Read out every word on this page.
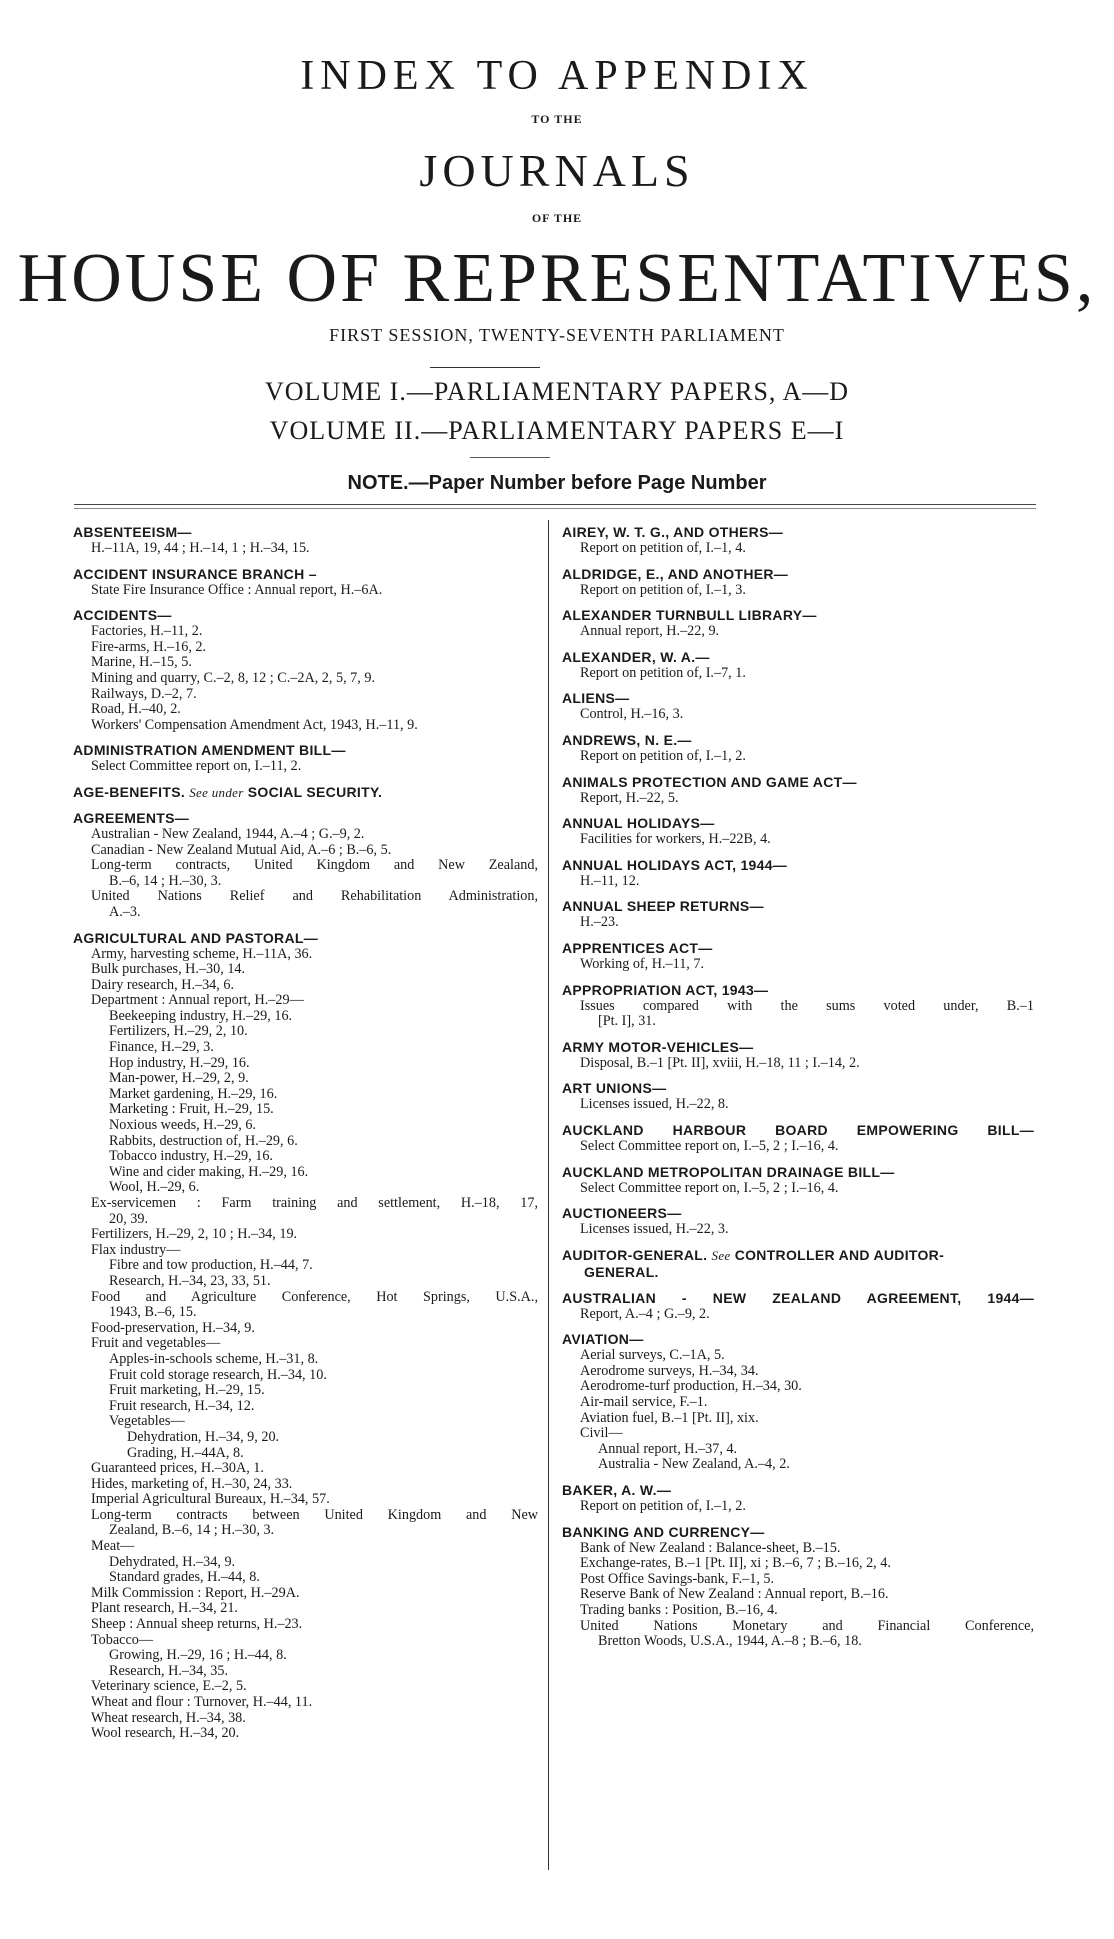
INDEX TO APPENDIX
TO THE
JOURNALS
OF THE
HOUSE OF REPRESENTATIVES,
FIRST SESSION, TWENTY-SEVENTH PARLIAMENT
VOLUME I.—PARLIAMENTARY PAPERS, A—D
VOLUME II.—PARLIAMENTARY PAPERS E—I
NOTE.—Paper Number before Page Number
ABSENTEEISM—
H.–11A, 19, 44 ; H.–14, 1 ; H.–34, 15.
ACCIDENT INSURANCE BRANCH –
State Fire Insurance Office : Annual report, H.–6A.
ACCIDENTS—
Factories, H.–11, 2.
Fire-arms, H.–16, 2.
Marine, H.–15, 5.
Mining and quarry, C.–2, 8, 12 ; C.–2A, 2, 5, 7, 9.
Railways, D.–2, 7.
Road, H.–40, 2.
Workers' Compensation Amendment Act, 1943, H.–11, 9.
ADMINISTRATION AMENDMENT BILL—
Select Committee report on, I.–11, 2.
AGE-BENEFITS. See under SOCIAL SECURITY.
AGREEMENTS—
Australian - New Zealand, 1944, A.–4 ; G.–9, 2.
Canadian - New Zealand Mutual Aid, A.–6 ; B.–6, 5.
Long-term contracts, United Kingdom and New Zealand,
B.–6, 14 ; H.–30, 3.
United Nations Relief and Rehabilitation Administration,
A.–3.
AGRICULTURAL AND PASTORAL—
Army, harvesting scheme, H.–11A, 36.
Bulk purchases, H.–30, 14.
Dairy research, H.–34, 6.
Department : Annual report, H.–29—
Beekeeping industry, H.–29, 16.
Fertilizers, H.–29, 2, 10.
Finance, H.–29, 3.
Hop industry, H.–29, 16.
Man-power, H.–29, 2, 9.
Market gardening, H.–29, 16.
Marketing : Fruit, H.–29, 15.
Noxious weeds, H.–29, 6.
Rabbits, destruction of, H.–29, 6.
Tobacco industry, H.–29, 16.
Wine and cider making, H.–29, 16.
Wool, H.–29, 6.
Ex-servicemen : Farm training and settlement, H.–18, 17,
20, 39.
Fertilizers, H.–29, 2, 10 ; H.–34, 19.
Flax industry—
Fibre and tow production, H.–44, 7.
Research, H.–34, 23, 33, 51.
Food and Agriculture Conference, Hot Springs, U.S.A.,
1943, B.–6, 15.
Food-preservation, H.–34, 9.
Fruit and vegetables—
Apples-in-schools scheme, H.–31, 8.
Fruit cold storage research, H.–34, 10.
Fruit marketing, H.–29, 15.
Fruit research, H.–34, 12.
Vegetables—
Dehydration, H.–34, 9, 20.
Grading, H.–44A, 8.
Guaranteed prices, H.–30A, 1.
Hides, marketing of, H.–30, 24, 33.
Imperial Agricultural Bureaux, H.–34, 57.
Long-term contracts between United Kingdom and New
Zealand, B.–6, 14 ; H.–30, 3.
Meat—
Dehydrated, H.–34, 9.
Standard grades, H.–44, 8.
Milk Commission : Report, H.–29A.
Plant research, H.–34, 21.
Sheep : Annual sheep returns, H.–23.
Tobacco—
Growing, H.–29, 16 ; H.–44, 8.
Research, H.–34, 35.
Veterinary science, E.–2, 5.
Wheat and flour : Turnover, H.–44, 11.
Wheat research, H.–34, 38.
Wool research, H.–34, 20.
AIREY, W. T. G., AND OTHERS—
Report on petition of, I.–1, 4.
ALDRIDGE, E., AND ANOTHER—
Report on petition of, I.–1, 3.
ALEXANDER TURNBULL LIBRARY—
Annual report, H.–22, 9.
ALEXANDER, W. A.—
Report on petition of, I.–7, 1.
ALIENS—
Control, H.–16, 3.
ANDREWS, N. E.—
Report on petition of, I.–1, 2.
ANIMALS PROTECTION AND GAME ACT—
Report, H.–22, 5.
ANNUAL HOLIDAYS—
Facilities for workers, H.–22B, 4.
ANNUAL HOLIDAYS ACT, 1944—
H.–11, 12.
ANNUAL SHEEP RETURNS—
H.–23.
APPRENTICES ACT—
Working of, H.–11, 7.
APPROPRIATION ACT, 1943—
Issues compared with the sums voted under, B.–1
[Pt. I], 31.
ARMY MOTOR-VEHICLES—
Disposal, B.–1 [Pt. II], xviii, H.–18, 11 ; I.–14, 2.
ART UNIONS—
Licenses issued, H.–22, 8.
AUCKLAND HARBOUR BOARD EMPOWERING BILL—
Select Committee report on, I.–5, 2 ; I.–16, 4.
AUCKLAND METROPOLITAN DRAINAGE BILL—
Select Committee report on, I.–5, 2 ; I.–16, 4.
AUCTIONEERS—
Licenses issued, H.–22, 3.
AUDITOR-GENERAL. See CONTROLLER AND AUDITOR-
GENERAL.
AUSTRALIAN - NEW ZEALAND AGREEMENT, 1944—
Report, A.–4 ; G.–9, 2.
AVIATION—
Aerial surveys, C.–1A, 5.
Aerodrome surveys, H.–34, 34.
Aerodrome-turf production, H.–34, 30.
Air-mail service, F.–1.
Aviation fuel, B.–1 [Pt. II], xix.
Civil—
Annual report, H.–37, 4.
Australia - New Zealand, A.–4, 2.
BAKER, A. W.—
Report on petition of, I.–1, 2.
BANKING AND CURRENCY—
Bank of New Zealand : Balance-sheet, B.–15.
Exchange-rates, B.–1 [Pt. II], xi ; B.–6, 7 ; B.–16, 2, 4.
Post Office Savings-bank, F.–1, 5.
Reserve Bank of New Zealand : Annual report, B.–16.
Trading banks : Position, B.–16, 4.
United Nations Monetary and Financial Conference,
Bretton Woods, U.S.A., 1944, A.–8 ; B.–6, 18.
